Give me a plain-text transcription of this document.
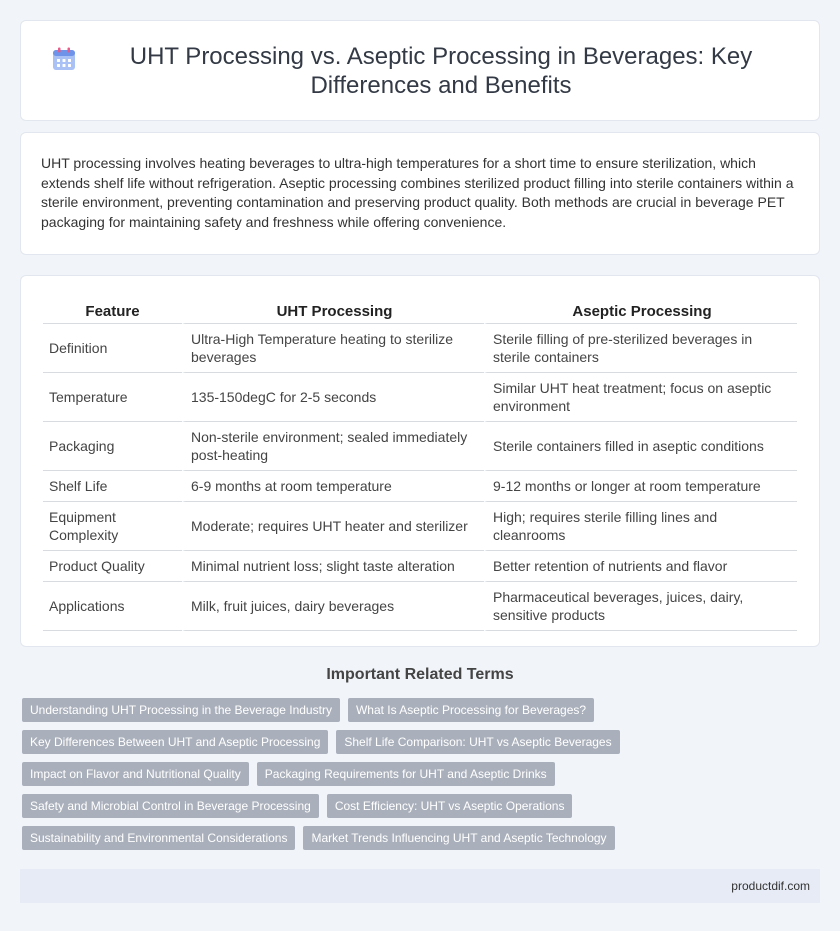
UHT Processing vs. Aseptic Processing in Beverages: Key Differences and Benefits

UHT processing involves heating beverages to ultra-high temperatures for a short time to ensure sterilization, which extends shelf life without refrigeration. Aseptic processing combines sterilized product filling into sterile containers within a sterile environment, preventing contamination and preserving product quality. Both methods are crucial in beverage PET packaging for maintaining safety and freshness while offering convenience.

Feature	UHT Processing	Aseptic Processing
Definition	Ultra-High Temperature heating to sterilize beverages	Sterile filling of pre-sterilized beverages in sterile containers
Temperature	135-150degC for 2-5 seconds	Similar UHT heat treatment; focus on aseptic environment
Packaging	Non-sterile environment; sealed immediately post-heating	Sterile containers filled in aseptic conditions
Shelf Life	6-9 months at room temperature	9-12 months or longer at room temperature
Equipment Complexity	Moderate; requires UHT heater and sterilizer	High; requires sterile filling lines and cleanrooms
Product Quality	Minimal nutrient loss; slight taste alteration	Better retention of nutrients and flavor
Applications	Milk, fruit juices, dairy beverages	Pharmaceutical beverages, juices, dairy, sensitive products
Important Related Terms
Understanding UHT Processing in the Beverage Industry	What Is Aseptic Processing for Beverages?
Key Differences Between UHT and Aseptic Processing	Shelf Life Comparison: UHT vs Aseptic Beverages
Impact on Flavor and Nutritional Quality	Packaging Requirements for UHT and Aseptic Drinks
Safety and Microbial Control in Beverage Processing	Cost Efficiency: UHT vs Aseptic Operations
Sustainability and Environmental Considerations	Market Trends Influencing UHT and Aseptic Technology
productdif.com
